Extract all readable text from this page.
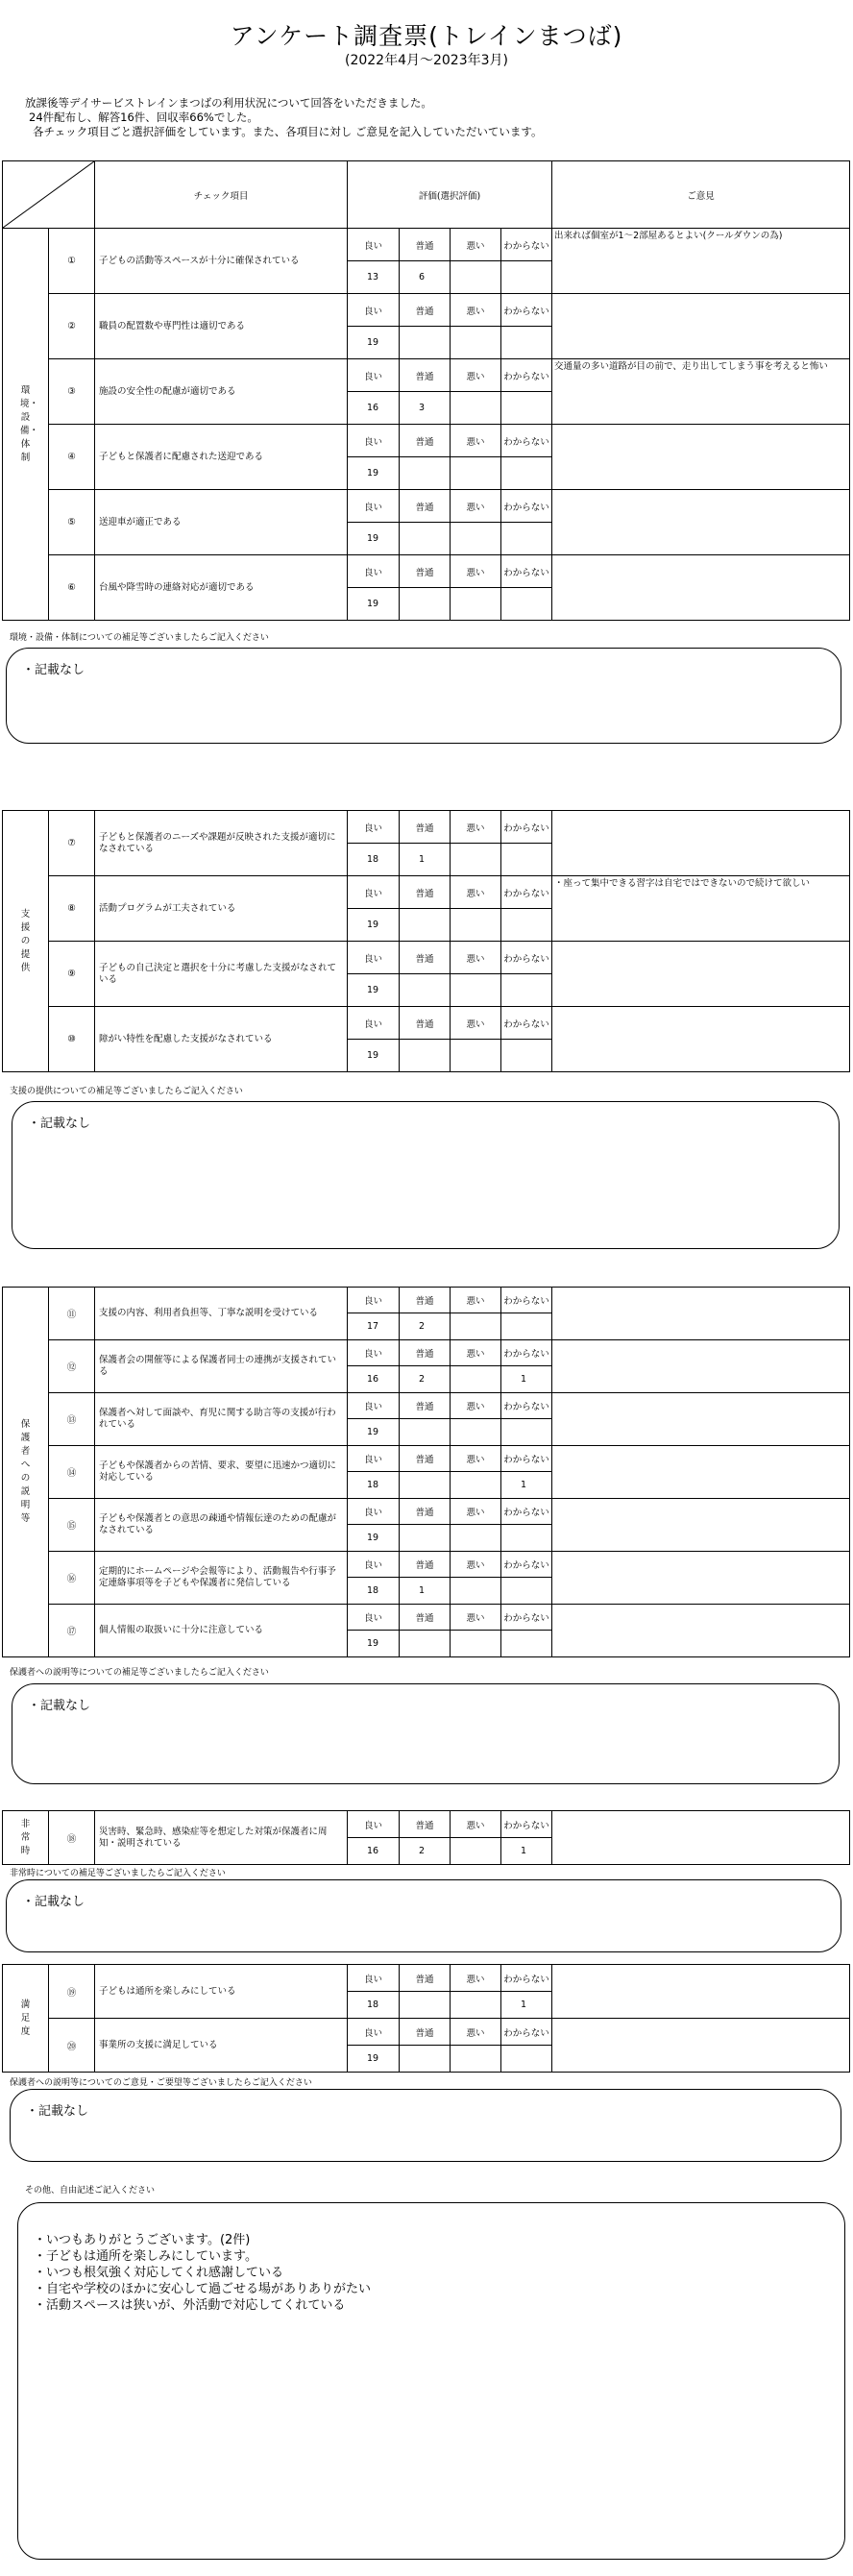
アンケート調査票(トレインまつば)
(2022年4月〜2023年3月)
放課後等デイサービストレインまつばの利用状況について回答をいただきました。
24件配布し、解答16件、回収率66%でした。
各チェック項目ごと選択評価をしています。また、各項目に対し ご意見を記入していただいています。
	チェック項目	評価(選択評価)				ご意見
環境・設備・体制	①	子どもの活動等スペースが十分に確保されている	良い	普通	悪い	わからない	出来れば個室が1〜2部屋あるとよい(クールダウンの為)
			13	6			
	②	職員の配置数や専門性は適切である	良い	普通	悪い	わからない	
			19				
	③	施設の安全性の配慮が適切である	良い	普通	悪い	わからない	交通量の多い道路が目の前で、走り出してしまう事を考えると怖い
			16	3			
	④	子どもと保護者に配慮された送迎である	良い	普通	悪い	わからない	
			19				
	⑤	送迎車が適正である	良い	普通	悪い	わからない	
			19				
	⑥	台風や降雪時の連絡対応が適切である	良い	普通	悪い	わからない	
			19				
環境・設備・体制についての補足等ございましたらご記入ください
・記載なし
支援の提供	⑦	子どもと保護者のニーズや課題が反映された支援が適切になされている	良い	普通	悪い	わからない	
			18	1			
	⑧	活動プログラムが工夫されている	良い	普通	悪い	わからない	・座って集中できる習字は自宅ではできないので続けて欲しい
			19				
	⑨	子どもの自己決定と選択を十分に考慮した支援がなされている	良い	普通	悪い	わからない	
			19				
	⑩	障がい特性を配慮した支援がなされている	良い	普通	悪い	わからない	
			19				
支援の提供についての補足等ございましたらご記入ください
・記載なし
保護者への説明等	⑪	支援の内容、利用者負担等、丁寧な説明を受けている	良い	普通	悪い	わからない	
			17	2			
	⑫	保護者会の開催等による保護者同士の連携が支援されている	良い	普通	悪い	わからない	
			16	2		1	
	⑬	保護者へ対して面談や、育児に関する助言等の支援が行われている	良い	普通	悪い	わからない	
			19				
	⑭	子どもや保護者からの苦情、要求、要望に迅速かつ適切に対応している	良い	普通	悪い	わからない	
			18			1	
	⑮	子どもや保護者との意思の疎通や情報伝達のための配慮がなされている	良い	普通	悪い	わからない	
			19				
	⑯	定期的にホームページや会報等により、活動報告や行事予定連絡事項等を子どもや保護者に発信している	良い	普通	悪い	わからない	
			18	1			
	⑰	個人情報の取扱いに十分に注意している	良い	普通	悪い	わからない	
			19				
保護者への説明等についての補足等ございましたらご記入ください
・記載なし
非常時	⑱	災害時、緊急時、感染症等を想定した対策が保護者に周知・説明されている	良い	普通	悪い	わからない	
			16	2		1	
非常時についての補足等ございましたらご記入ください
・記載なし
満足度	⑲	子どもは通所を楽しみにしている	良い	普通	悪い	わからない	
			18			1	
	⑳	事業所の支援に満足している	良い	普通	悪い	わからない	
			19				
保護者への説明等についてのご意見・ご要望等ございましたらご記入ください
・記載なし
その他、自由記述ご記入ください
・いつもありがとうございます。(2件)
・子どもは通所を楽しみにしています。
・いつも根気強く対応してくれ感謝している
・自宅や学校のほかに安心して過ごせる場がありありがたい
・活動スペースは狭いが、外活動で対応してくれている
